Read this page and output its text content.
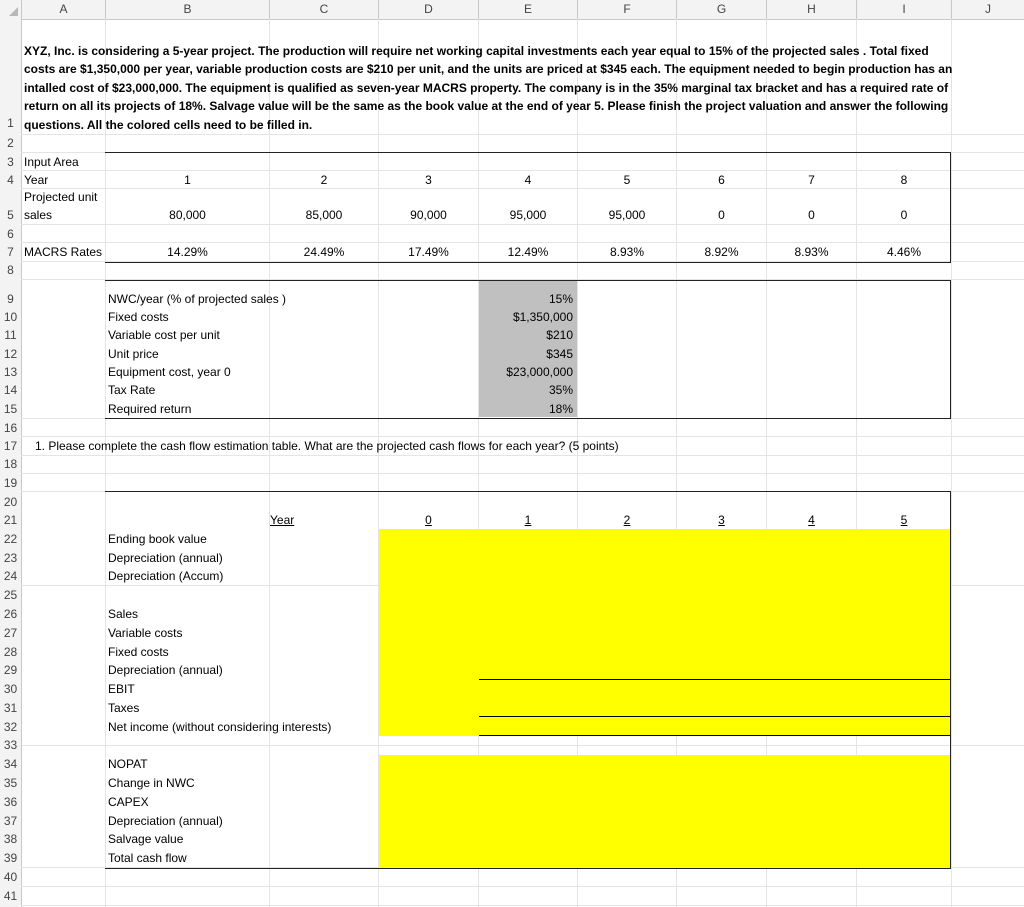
A	B	C	D	E	F	G	H	I	J
1
2
3
4
5
6
7
8
9
10
11
12
13
14
15
16
17
18
19
20
21
22
23
24
25
26
27
28
29
30
31
32
33
34
35
36
37
38
39
40
41
XYZ, Inc. is considering a 5-year project. The production will require net working capital investments each year equal to 15% of the projected sales . Total fixed costs are $1,350,000 per year, variable production costs are $210 per unit, and the units are priced at $345 each. The equipment needed to begin production has an intalled cost of $23,000,000. The equipment is qualified as seven-year MACRS property. The company is in the 35% marginal tax bracket and has a required rate of return on all its projects of 18%. Salvage value will be the same as the book value at the end of year 5. Please finish the project valuation and answer the following questions. All the colored cells need to be filled in.
Input Area
Year	1	2	3	4	5	6	7	8
Projected unit
sales	80,000	85,000	90,000	95,000	95,000	0	0	0
MACRS Rates	14.29%	24.49%	17.49%	12.49%	8.93%	8.92%	8.93%	4.46%
NWC/year (% of projected sales )	15%
Fixed costs	$1,350,000
Variable cost per unit	$210
Unit price	$345
Equipment cost, year 0	$23,000,000
Tax Rate	35%
Required return	18%
1. Please complete the cash flow estimation table. What are the projected cash flows for each year? (5 points)
Year	0	1	2	3	4	5
Ending book value
Depreciation (annual)
Depreciation (Accum)
Sales
Variable costs
Fixed costs
Depreciation (annual)
EBIT
Taxes
Net income (without considering interests)
NOPAT
Change in NWC
CAPEX
Depreciation (annual)
Salvage value
Total cash flow
